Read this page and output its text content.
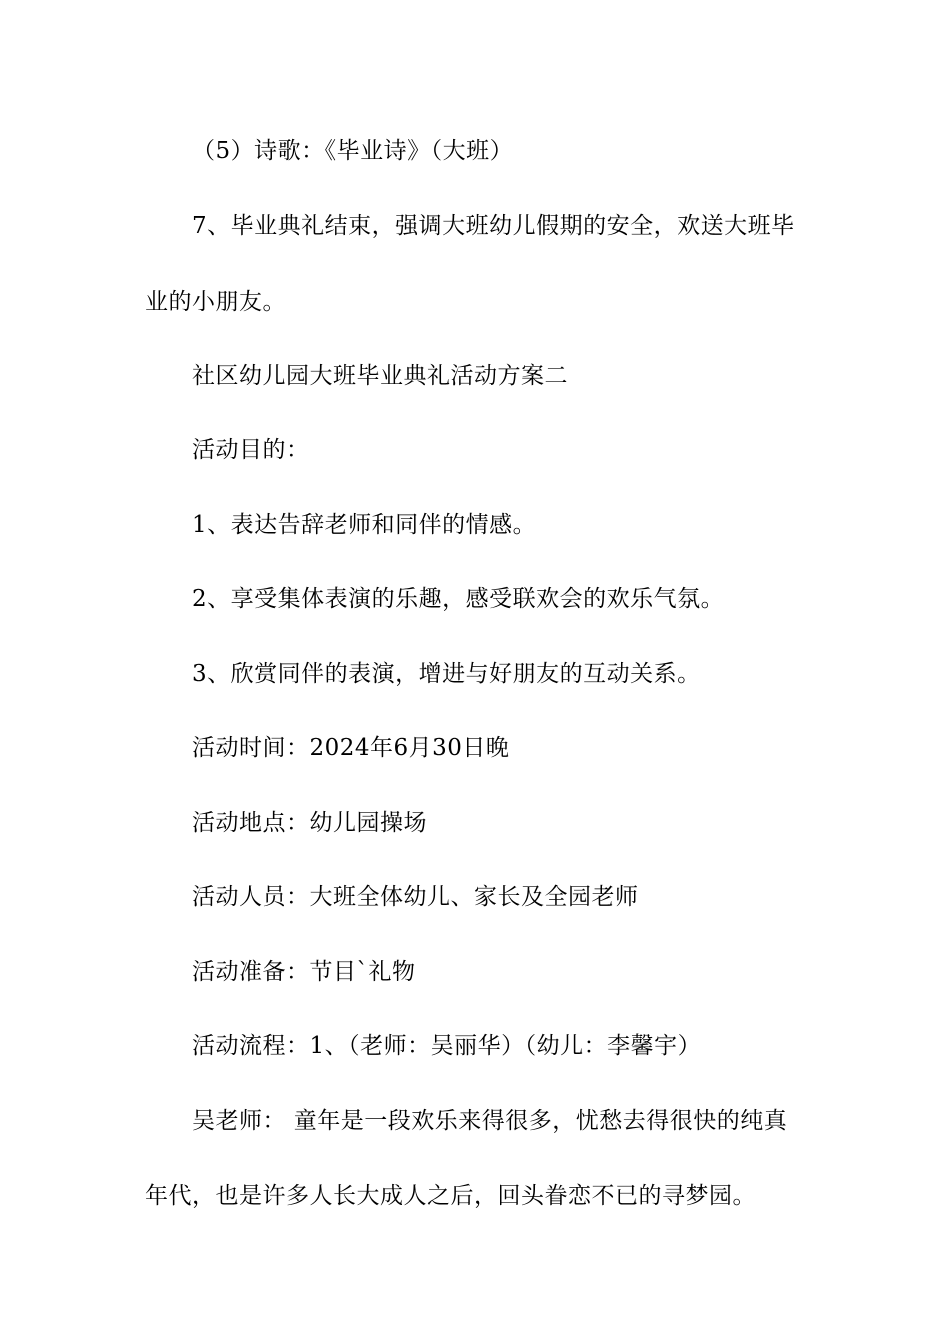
（5）诗歌：《毕业诗》（大班）
7、毕业典礼结束，强调大班幼儿假期的安全，欢送大班毕
业的小朋友。
社区幼儿园大班毕业典礼活动方案二
活动目的：
1、表达告辞老师和同伴的情感。
2、享受集体表演的乐趣，感受联欢会的欢乐气氛。
3、欣赏同伴的表演，增进与好朋友的互动关系。
活动时间：2024年6月30日晚
活动地点：幼儿园操场
活动人员：大班全体幼儿、家长及全园老师
活动准备：节目`礼物
活动流程：1、（老师：吴丽华）（幼儿：李馨宇）
吴老师： 童年是一段欢乐来得很多，忧愁去得很快的纯真
年代，也是许多人长大成人之后，回头眷恋不已的寻梦园。
